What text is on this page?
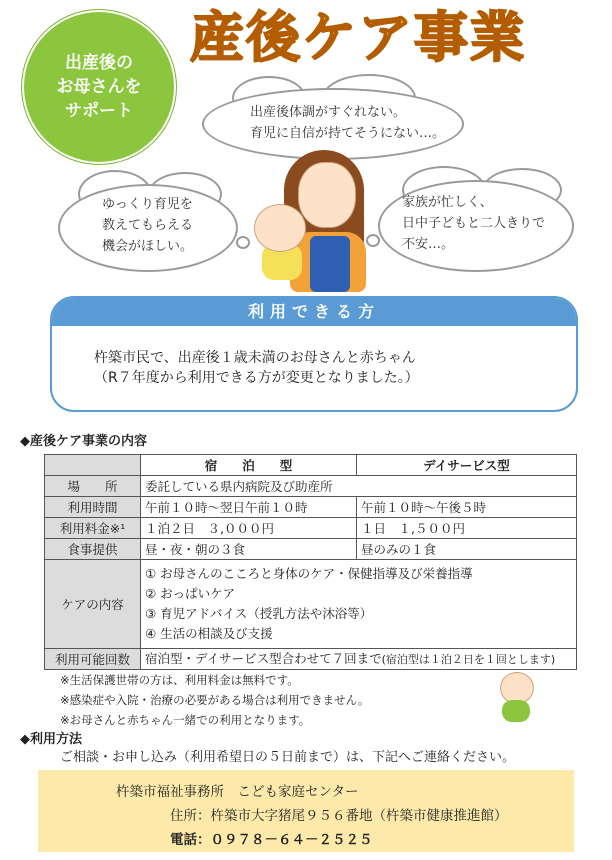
出産後の
お母さんを
サポート
産後ケア事業
出産後体調がすぐれない。
育児に自信が持てそうにない…。
ゆっくり育児を
教えてもらえる
機会がほしい。
家族が忙しく、
日中子どもと二人きりで
不安…。
利用できる方
杵築市民で、出産後１歳未満のお母さんと赤ちゃん
（R７年度から利用できる方が変更となりました。）
◆産後ケア事業の内容
	宿　　泊　　型	デイサービス型
場　　所	委託している県内病院及び助産所	
利用時間	午前１０時～翌日午前１０時	午前１０時～午後５時
利用料金※¹	１泊２日　３,０００円	１日　１,５００円
食事提供	昼・夜・朝の３食	昼のみの１食
ケアの内容	① お母さんのこころと身体のケア・保健指導及び栄養指導
② おっぱいケア
③ 育児アドバイス（授乳方法や沐浴等）
④ 生活の相談及び支援	

利用可能回数	宿泊型・デイサービス型合わせて７回まで(宿泊型は１泊２日を１回とします)	
※生活保護世帯の方は、利用料金は無料です。
※感染症や入院・治療の必要がある場合は利用できません。
※お母さんと赤ちゃん一緒での利用となります。
◆利用方法
ご相談・お申し込み（利用希望日の５日前まで）は、下記へご連絡ください。
杵築市福祉事務所　こども家庭センター
住所：杵築市大字猪尾９５６番地（杵築市健康推進館）
電話：０９７８－６４－２５２５
